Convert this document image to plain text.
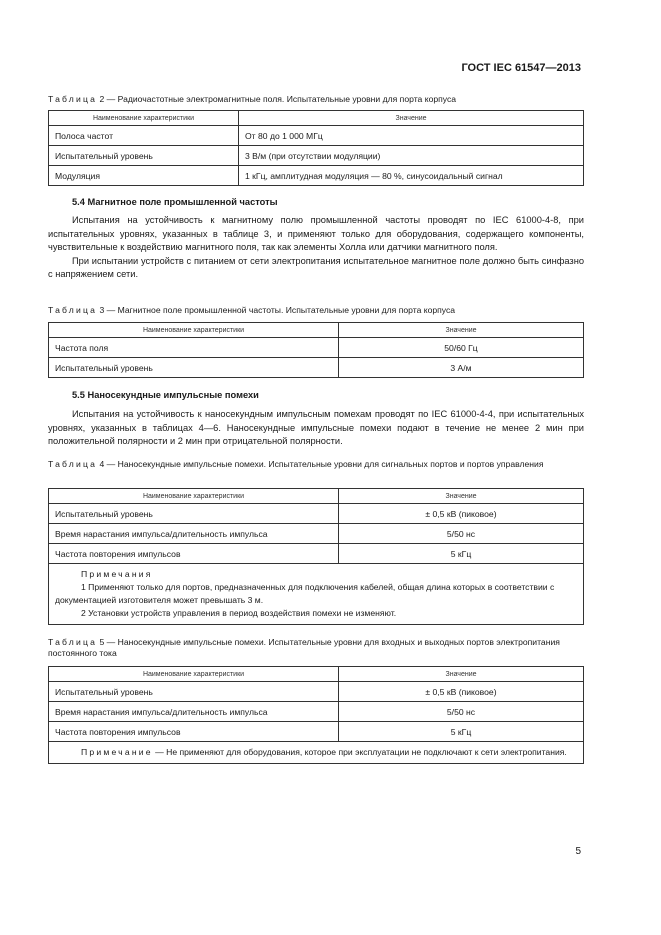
ГОСТ IEC 61547—2013
Таблица 2 — Радиочастотные электромагнитные поля. Испытательные уровни для порта корпуса
Наименование характеристики	Значение
Полоса частот	От 80 до 1 000 МГц
Испытательный уровень	3 В/м (при отсутствии модуляции)
Модуляция	1 кГц, амплитудная модуляция — 80 %, синусоидальный сигнал
5.4 Магнитное поле промышленной частоты

Испытания на устойчивость к магнитному полю промышленной частоты проводят по IEC 61000-4-8, при испытательных уровнях, указанных в таблице 3, и применяют только для оборудования, содержащего компоненты, чувствительные к воздействию магнитного поля, так как элементы Холла или датчики магнитного поля.

При испытании устройств с питанием от сети электропитания испытательное магнитное поле должно быть синфазно с напряжением сети.

Таблица 3 — Магнитное поле промышленной частоты. Испытательные уровни для порта корпуса
Наименование характеристики	Значение
Частота поля	50/60 Гц
Испытательный уровень	3 А/м
5.5 Наносекундные импульсные помехи

Испытания на устойчивость к наносекундным импульсным помехам проводят по IEC 61000-4-4, при испытательных уровнях, указанных в таблицах 4—6. Наносекундные импульсные помехи подают в течение не менее 2 мин при положительной полярности и 2 мин при отрицательной полярности.

Таблица 4 — Наносекундные импульсные помехи. Испытательные уровни для сигнальных портов и портов управления
Наименование характеристики	Значение
Испытательный уровень	± 0,5 кВ (пиковое)
Время нарастания импульса/длительность импульса	5/50 нс
Частота повторения импульсов	5 кГц

Примечания
1 Применяют только для портов, предназначенных для подключения кабелей, общая длина которых в соответствии с документацией изготовителя может превышать 3 м.
2 Установки устройств управления в период воздействия помехи не изменяют.	
Таблица 5 — Наносекундные импульсные помехи. Испытательные уровни для входных и выходных портов электропитания постоянного тока
Наименование характеристики	Значение
Испытательный уровень	± 0,5 кВ (пиковое)
Время нарастания импульса/длительность импульса	5/50 нс
Частота повторения импульсов	5 кГц

Примечание — Не применяют для оборудования, которое при эксплуатации не подключают к сети электропитания.	
5
